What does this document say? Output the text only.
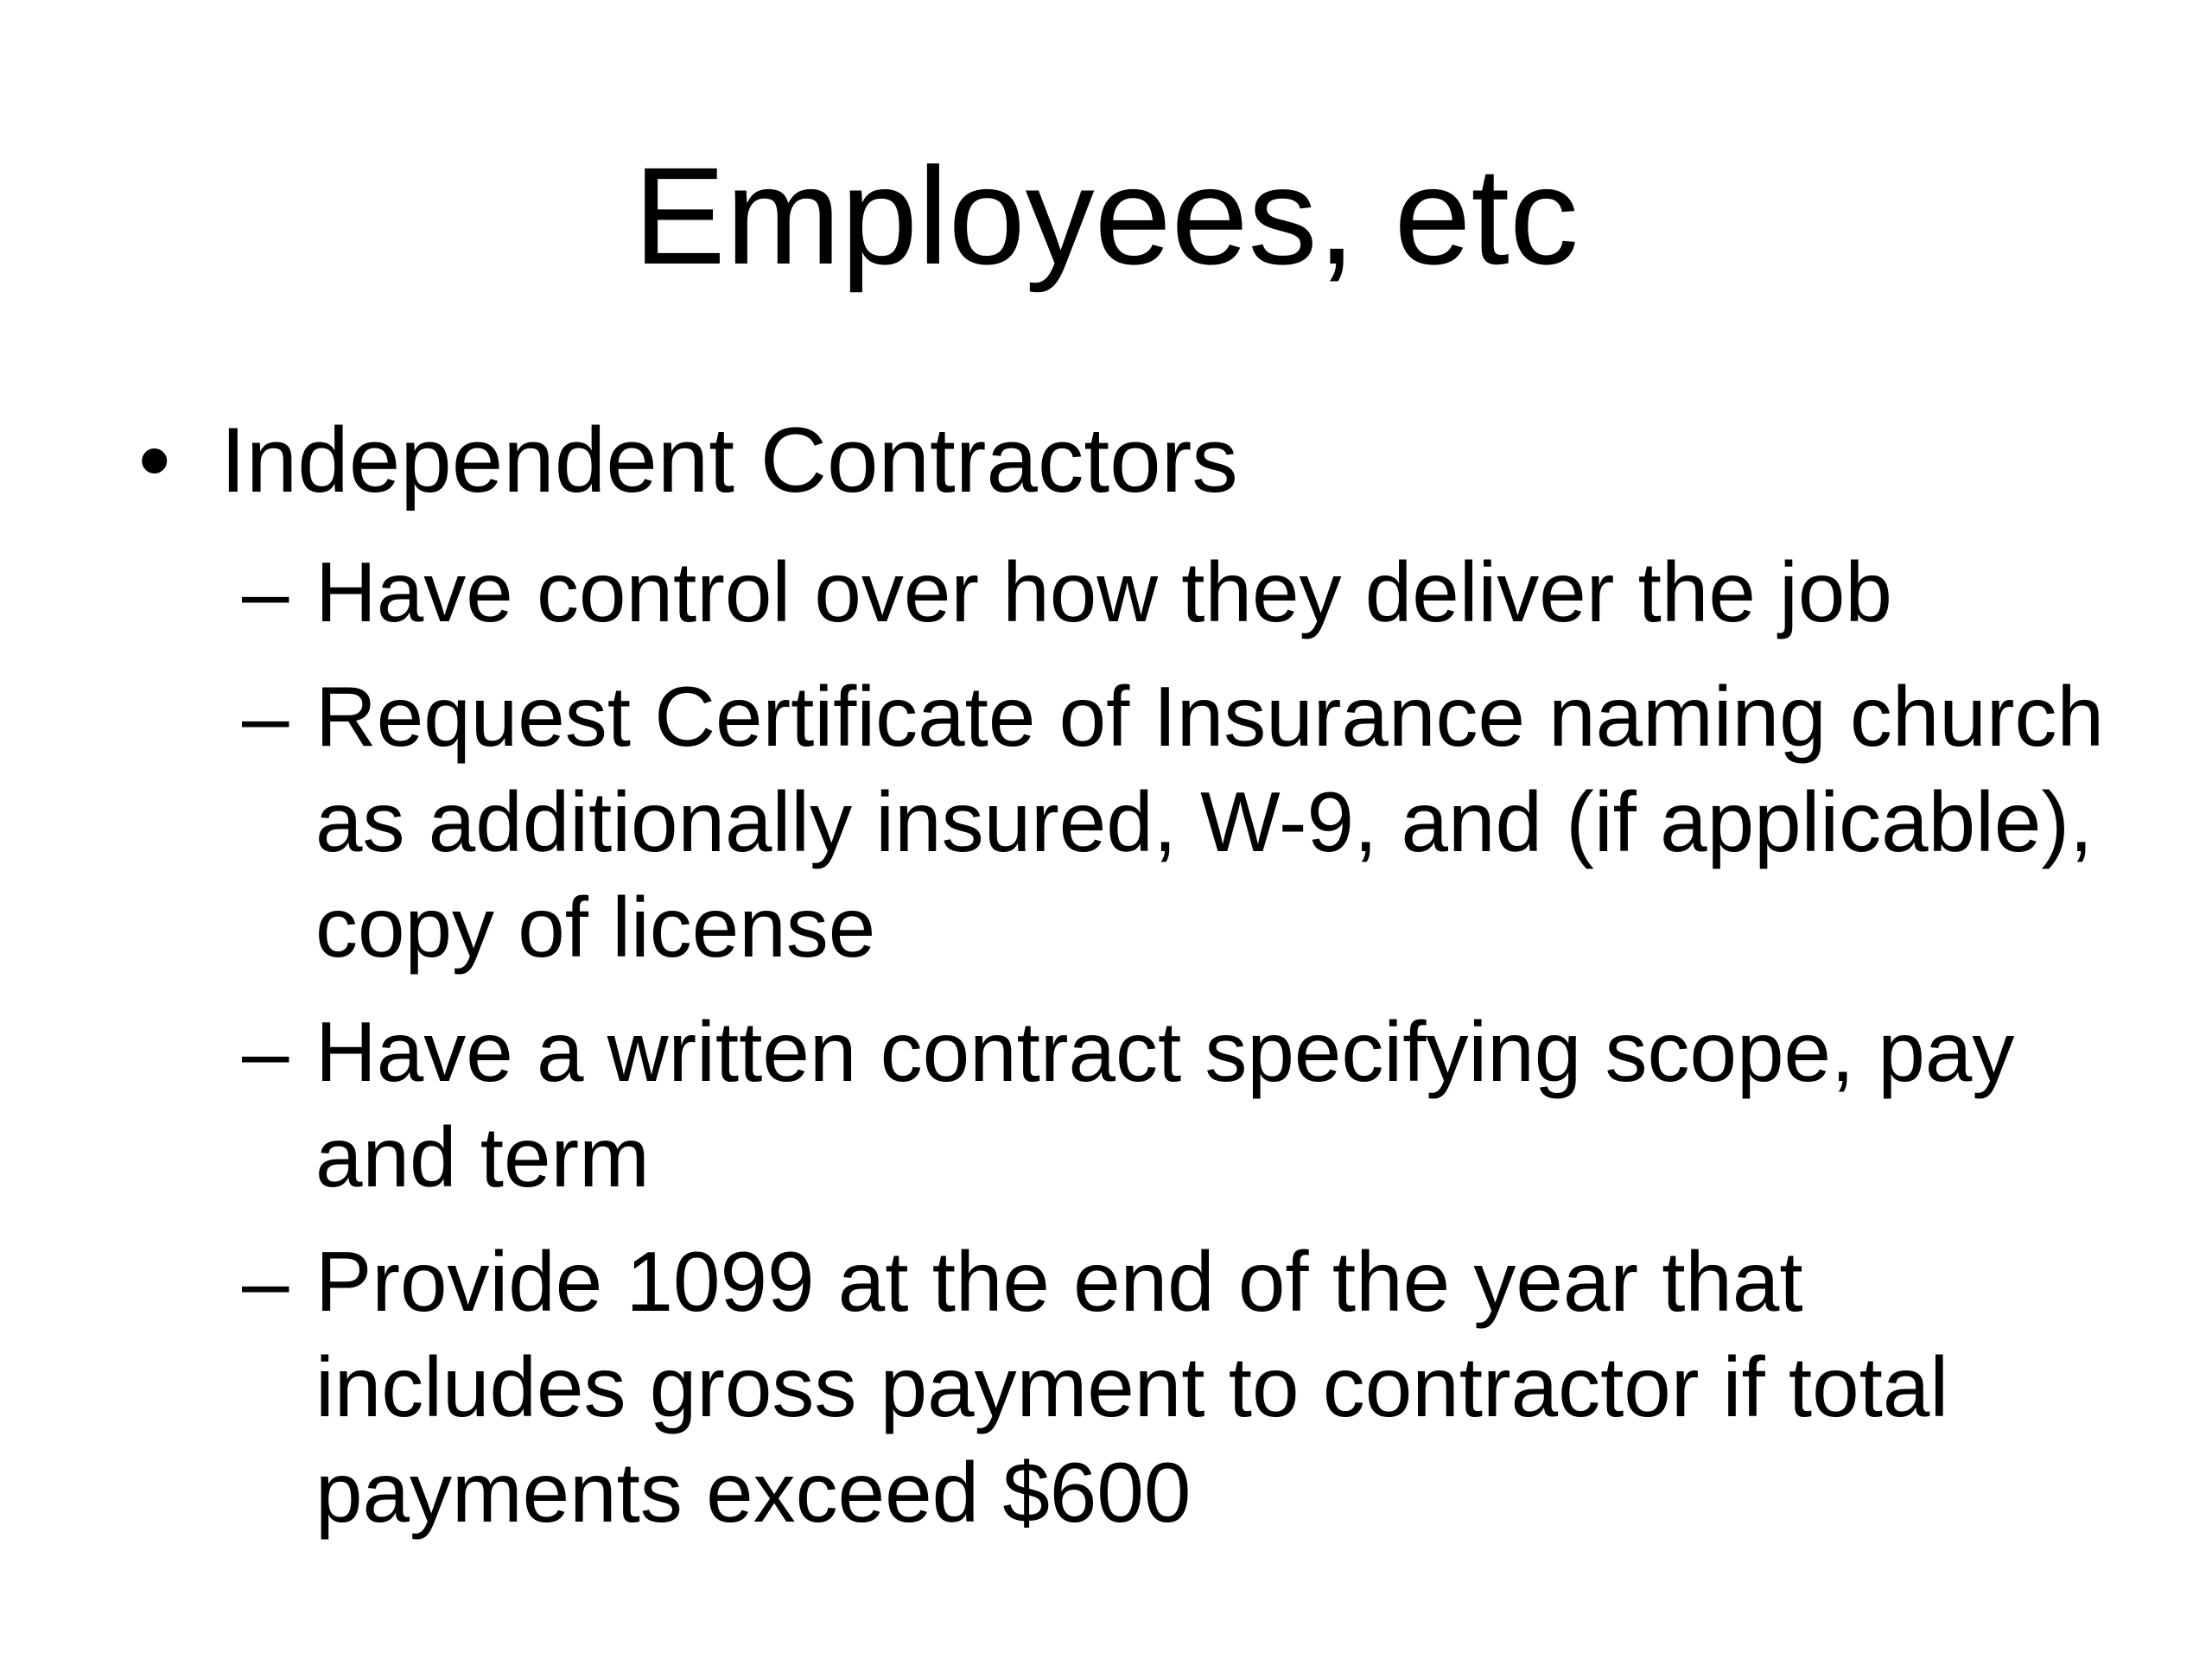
Employees, etc
• Independent Contractors
– Have control over how they deliver the job
– Request Certificate of Insurance naming church as additionally insured, W-9, and (if applicable), copy of license
– Have a written contract specifying scope, pay and term
– Provide 1099 at the end of the year that includes gross payment to contractor if total payments exceed $600
